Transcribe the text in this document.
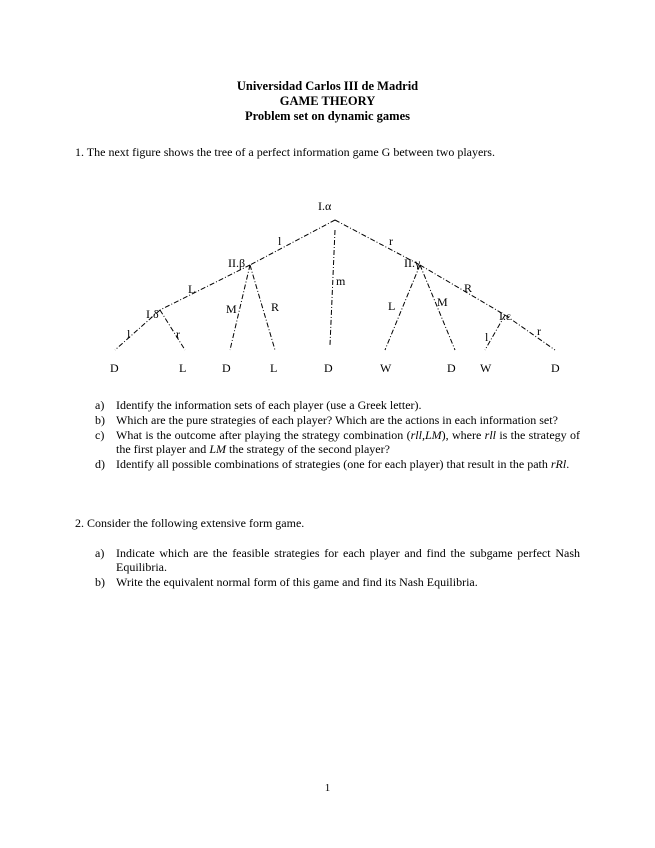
Universidad Carlos III de Madrid
GAME THEORY
Problem set on dynamic games
1. The next figure shows the tree of a perfect information game G between two players.
I.α
II.β	II.γ
I.δ	I.ε
l
m
r
L
M	R	L	M
R
l	r	l	r
D	L	D	L	D	W	D W	D
a) Identify the information sets of each player (use a Greek letter).
b) Which are the pure strategies of each player? Which are the actions in each information set?
c) What is the outcome after playing the strategy combination (rll,LM), where rll is the strategy of the first player and LM the strategy of the second player?
d) Identify all possible combinations of strategies (one for each player) that result in the path rRl.
2. Consider the following extensive form game.
a) Indicate which are the feasible strategies for each player and find the subgame perfect Nash Equilibria.
b) Write the equivalent normal form of this game and find its Nash Equilibria.
1
